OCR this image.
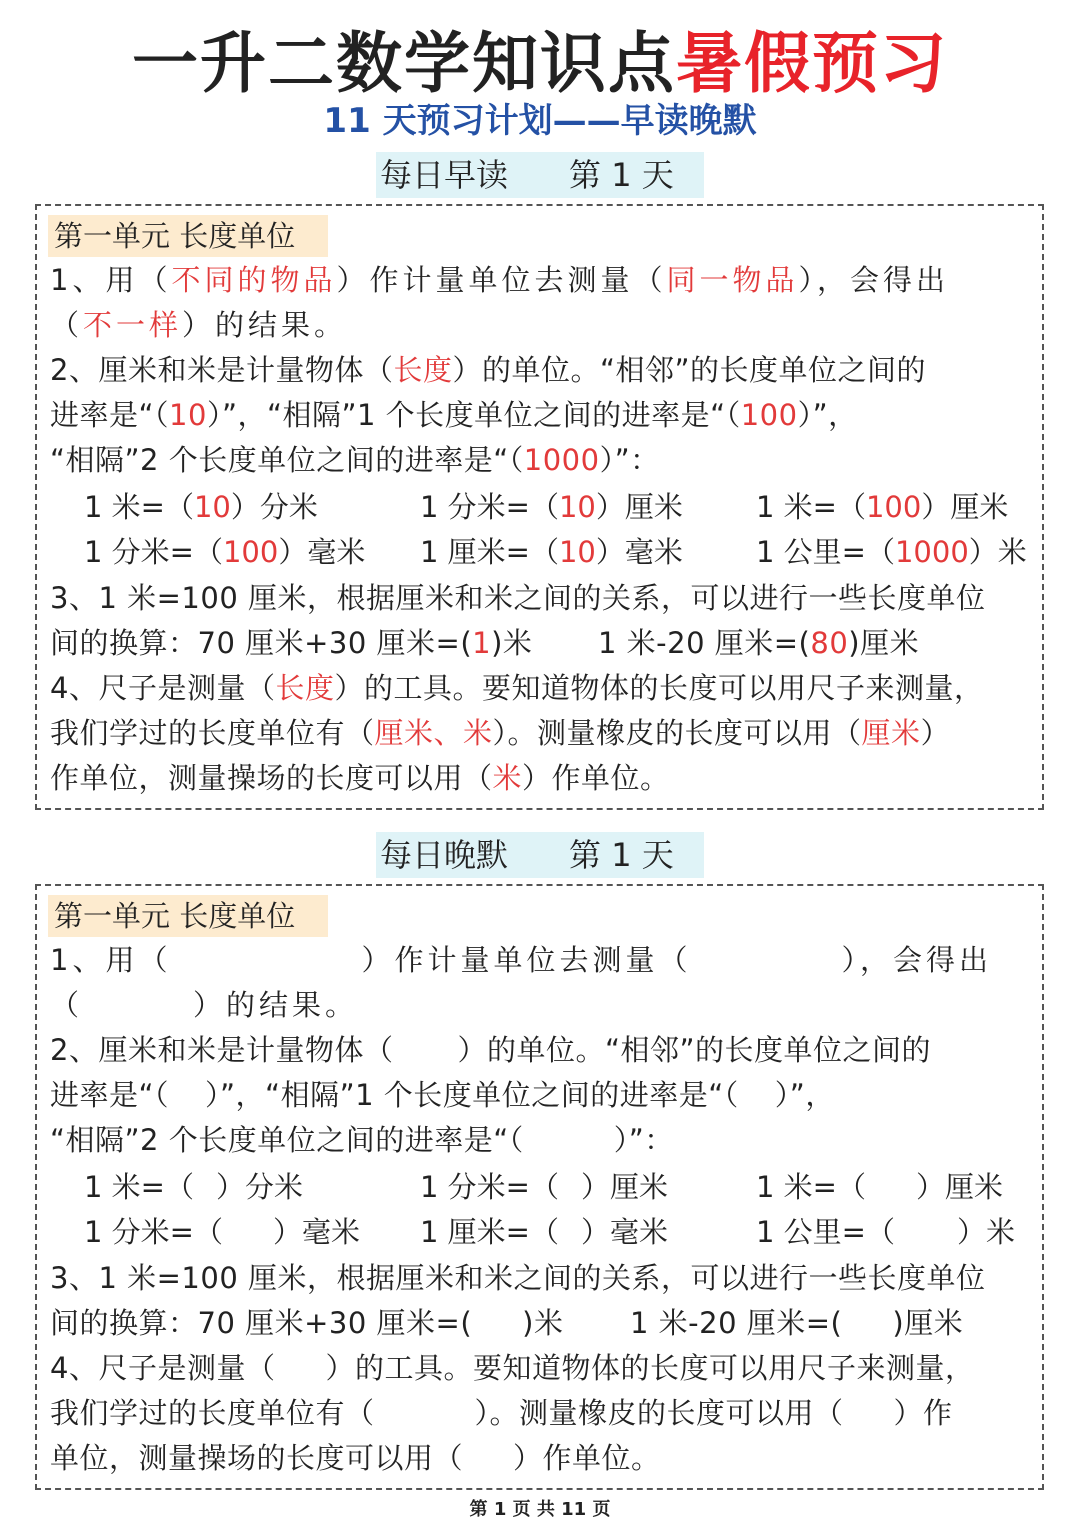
一升二数学知识点暑假预习
11 天预习计划——早读晚默
每日早读      第 1 天
第一单元 长度单位
1、用（不同的物品）作计量单位去测量（同一物品），会得出
（不一样）的结果。
2、厘米和米是计量物体（长度）的单位。“相邻”的长度单位之间的
进率是“（10）”，“相隔”1 个长度单位之间的进率是“（100）”，
“相隔”2 个长度单位之间的进率是“（1000）”：
1 米=（10）分米	1 分米=（10）厘米	1 米=（100）厘米
1 分米=（100）毫米 1 厘米=（10）毫米	1 公里=（1000）米
3、1 米=100 厘米，根据厘米和米之间的关系，可以进行一些长度单位
间的换算：70 厘米+30 厘米=(1)米 1 米-20 厘米=(80)厘米
4、尺子是测量（长度）的工具。要知道物体的长度可以用尺子来测量，
我们学过的长度单位有（厘米、米）。测量橡皮的长度可以用（厘米）
作单位，测量操场的长度可以用（米）作单位。
每日晚默      第 1 天
第一单元 长度单位
1、用（	）作计量单位去测量（	），会得出
（	）的结果。
2、厘米和米是计量物体（ ）的单位。“相邻”的长度单位之间的
进率是“（ ）”，“相隔”1 个长度单位之间的进率是“（ ）”，
“相隔”2 个长度单位之间的进率是“（	）”：
1 米=（ ）分米	1 分米=（ ）厘米	1 米=（ ）厘米
1 分米=（ ）毫米 1 厘米=（ ）毫米	1 公里=（ ）米
3、1 米=100 厘米，根据厘米和米之间的关系，可以进行一些长度单位
间的换算：70 厘米+30 厘米=( )米 1 米-20 厘米=( )厘米
4、尺子是测量（ ）的工具。要知道物体的长度可以用尺子来测量，
我们学过的长度单位有（	）。测量橡皮的长度可以用（ ）作
单位，测量操场的长度可以用（ ）作单位。
第 1 页 共 11 页
